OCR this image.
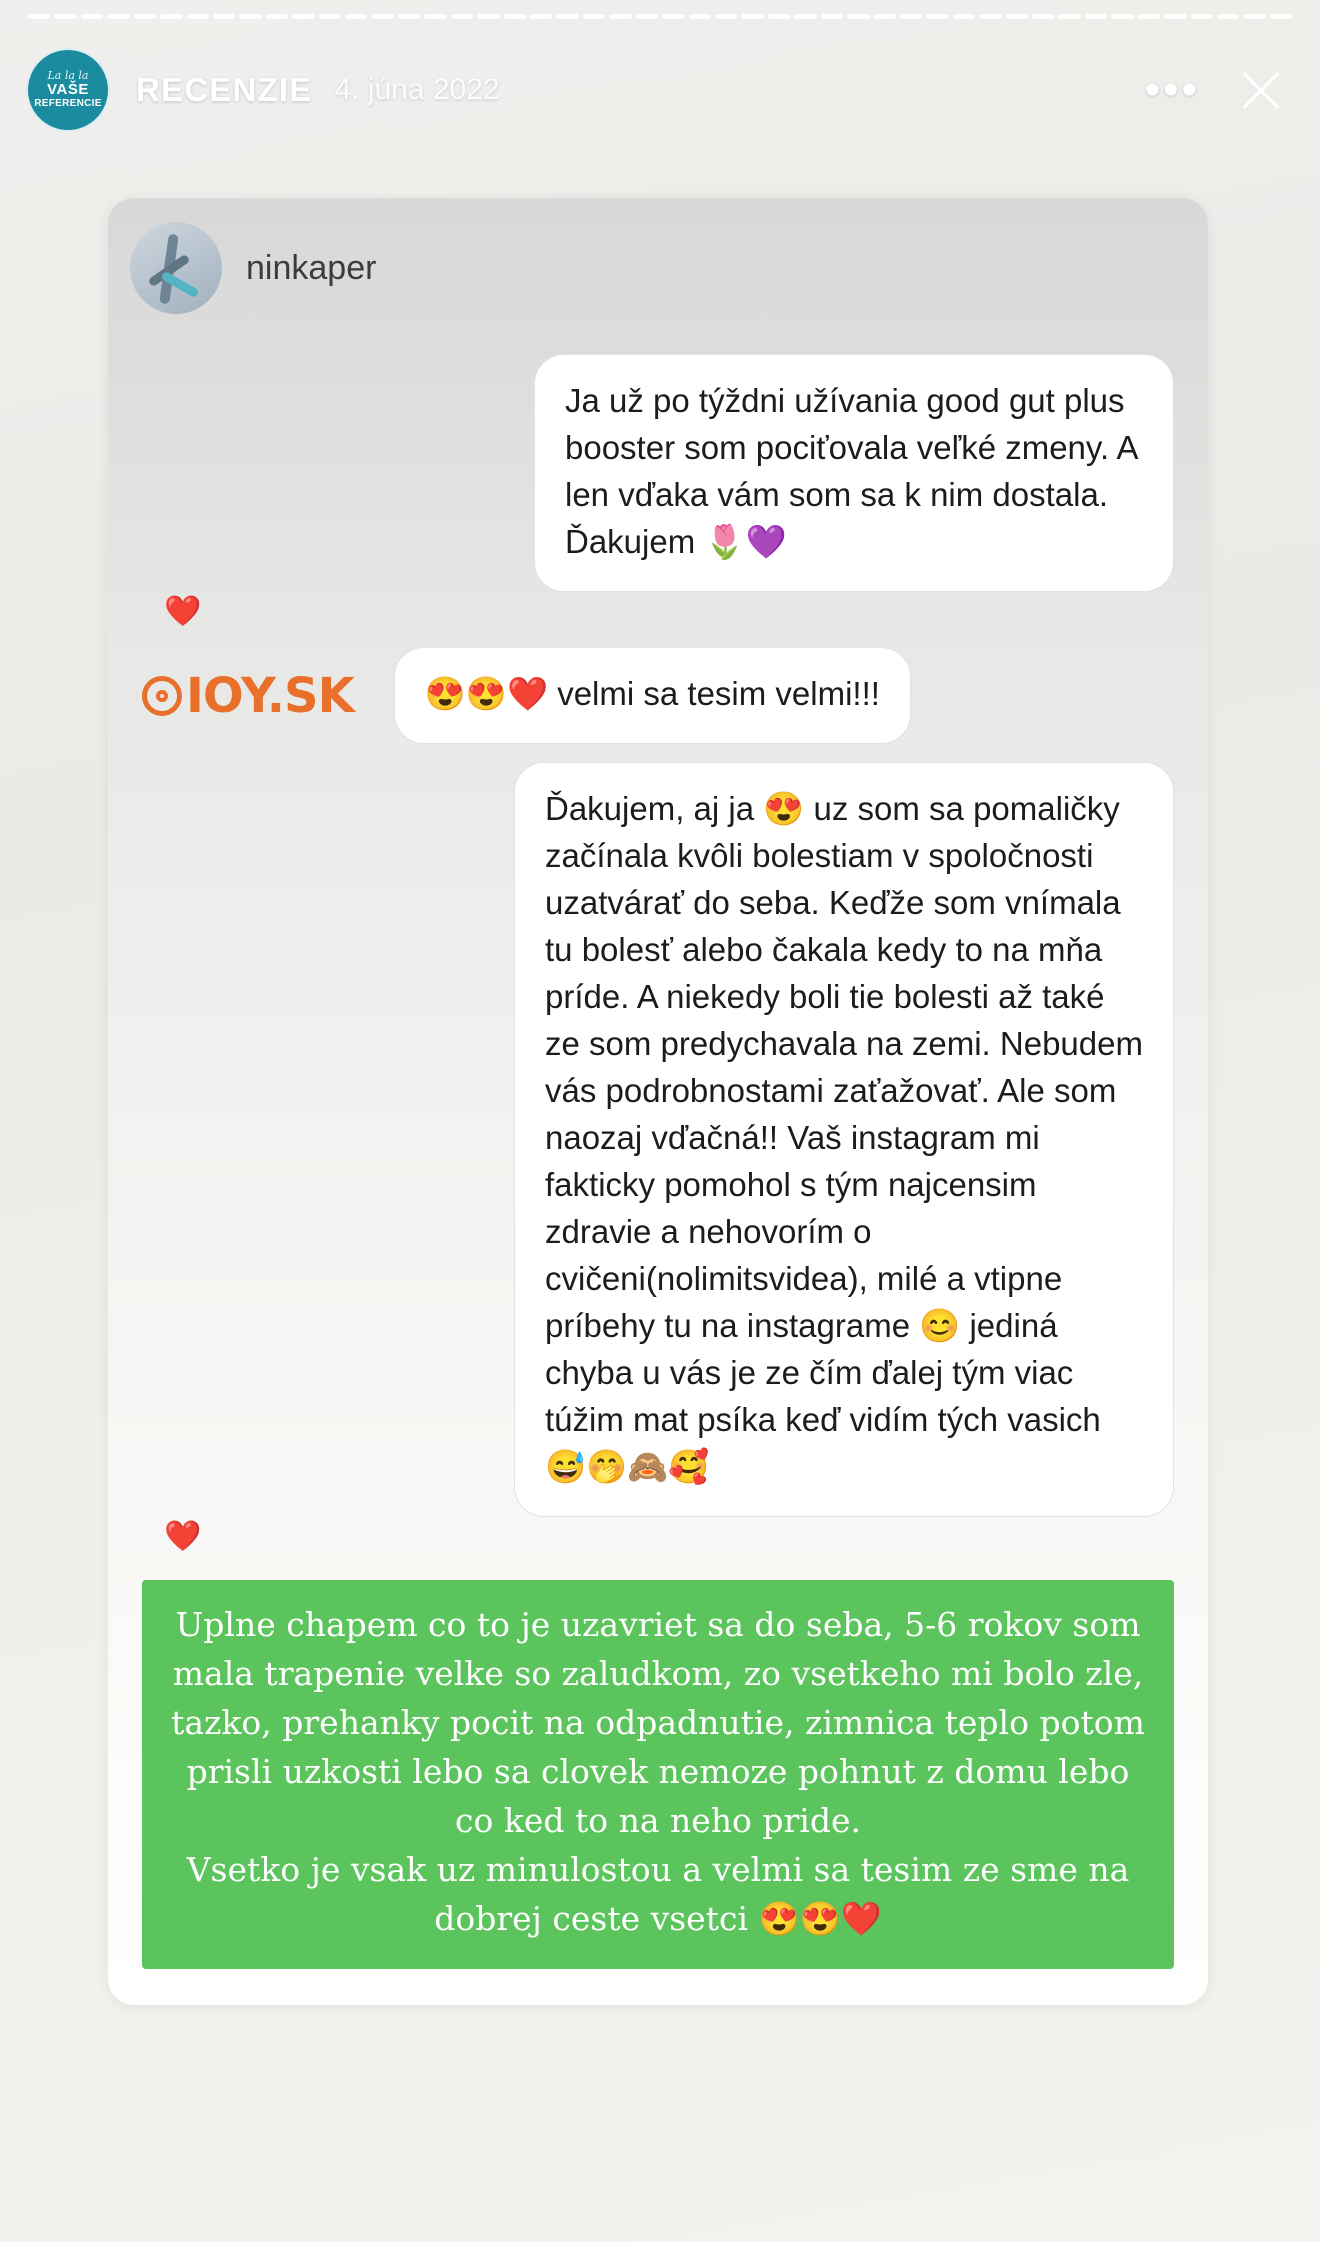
La la la
VAŠE
REFERENCIE RECENZIE 4. júna 2022	•••
ninkaper
Ja už po týždni užívania good gut plus booster som pociťovala veľké zmeny. A len vďaka vám som sa k nim dostala. Ďakujem 🌷💜
❤️
IOY.SK	😍😍❤️ velmi sa tesim velmi!!!
Ďakujem, aj ja 😍 uz som sa pomaličky začínala kvôli bolestiam v spoločnosti uzatvárať do seba. Keďže som vnímala tu bolesť alebo čakala kedy to na mňa príde. A niekedy boli tie bolesti až také ze som predychavala na zemi. Nebudem vás podrobnostami zaťažovať. Ale som naozaj vďačná!! Vaš instagram mi fakticky pomohol s tým najcensim zdravie a nehovorím o cvičeni(nolimitsvidea), milé a vtipne príbehy tu na instagrame 😊 jediná chyba u vás je ze čím ďalej tým viac túžim mat psíka keď vidím tých vasich 😅🤭🙈🥰
❤️

Uplne chapem co to je uzavriet sa do seba, 5-6 rokov som mala trapenie velke so zaludkom, zo vsetkeho mi bolo zle, tazko, prehanky pocit na odpadnutie, zimnica teplo potom prisli uzkosti lebo sa clovek nemoze pohnut z domu lebo co ked to na neho pride.

Vsetko je vsak uz minulostou a velmi sa tesim ze sme na dobrej ceste vsetci 😍😍❤️
